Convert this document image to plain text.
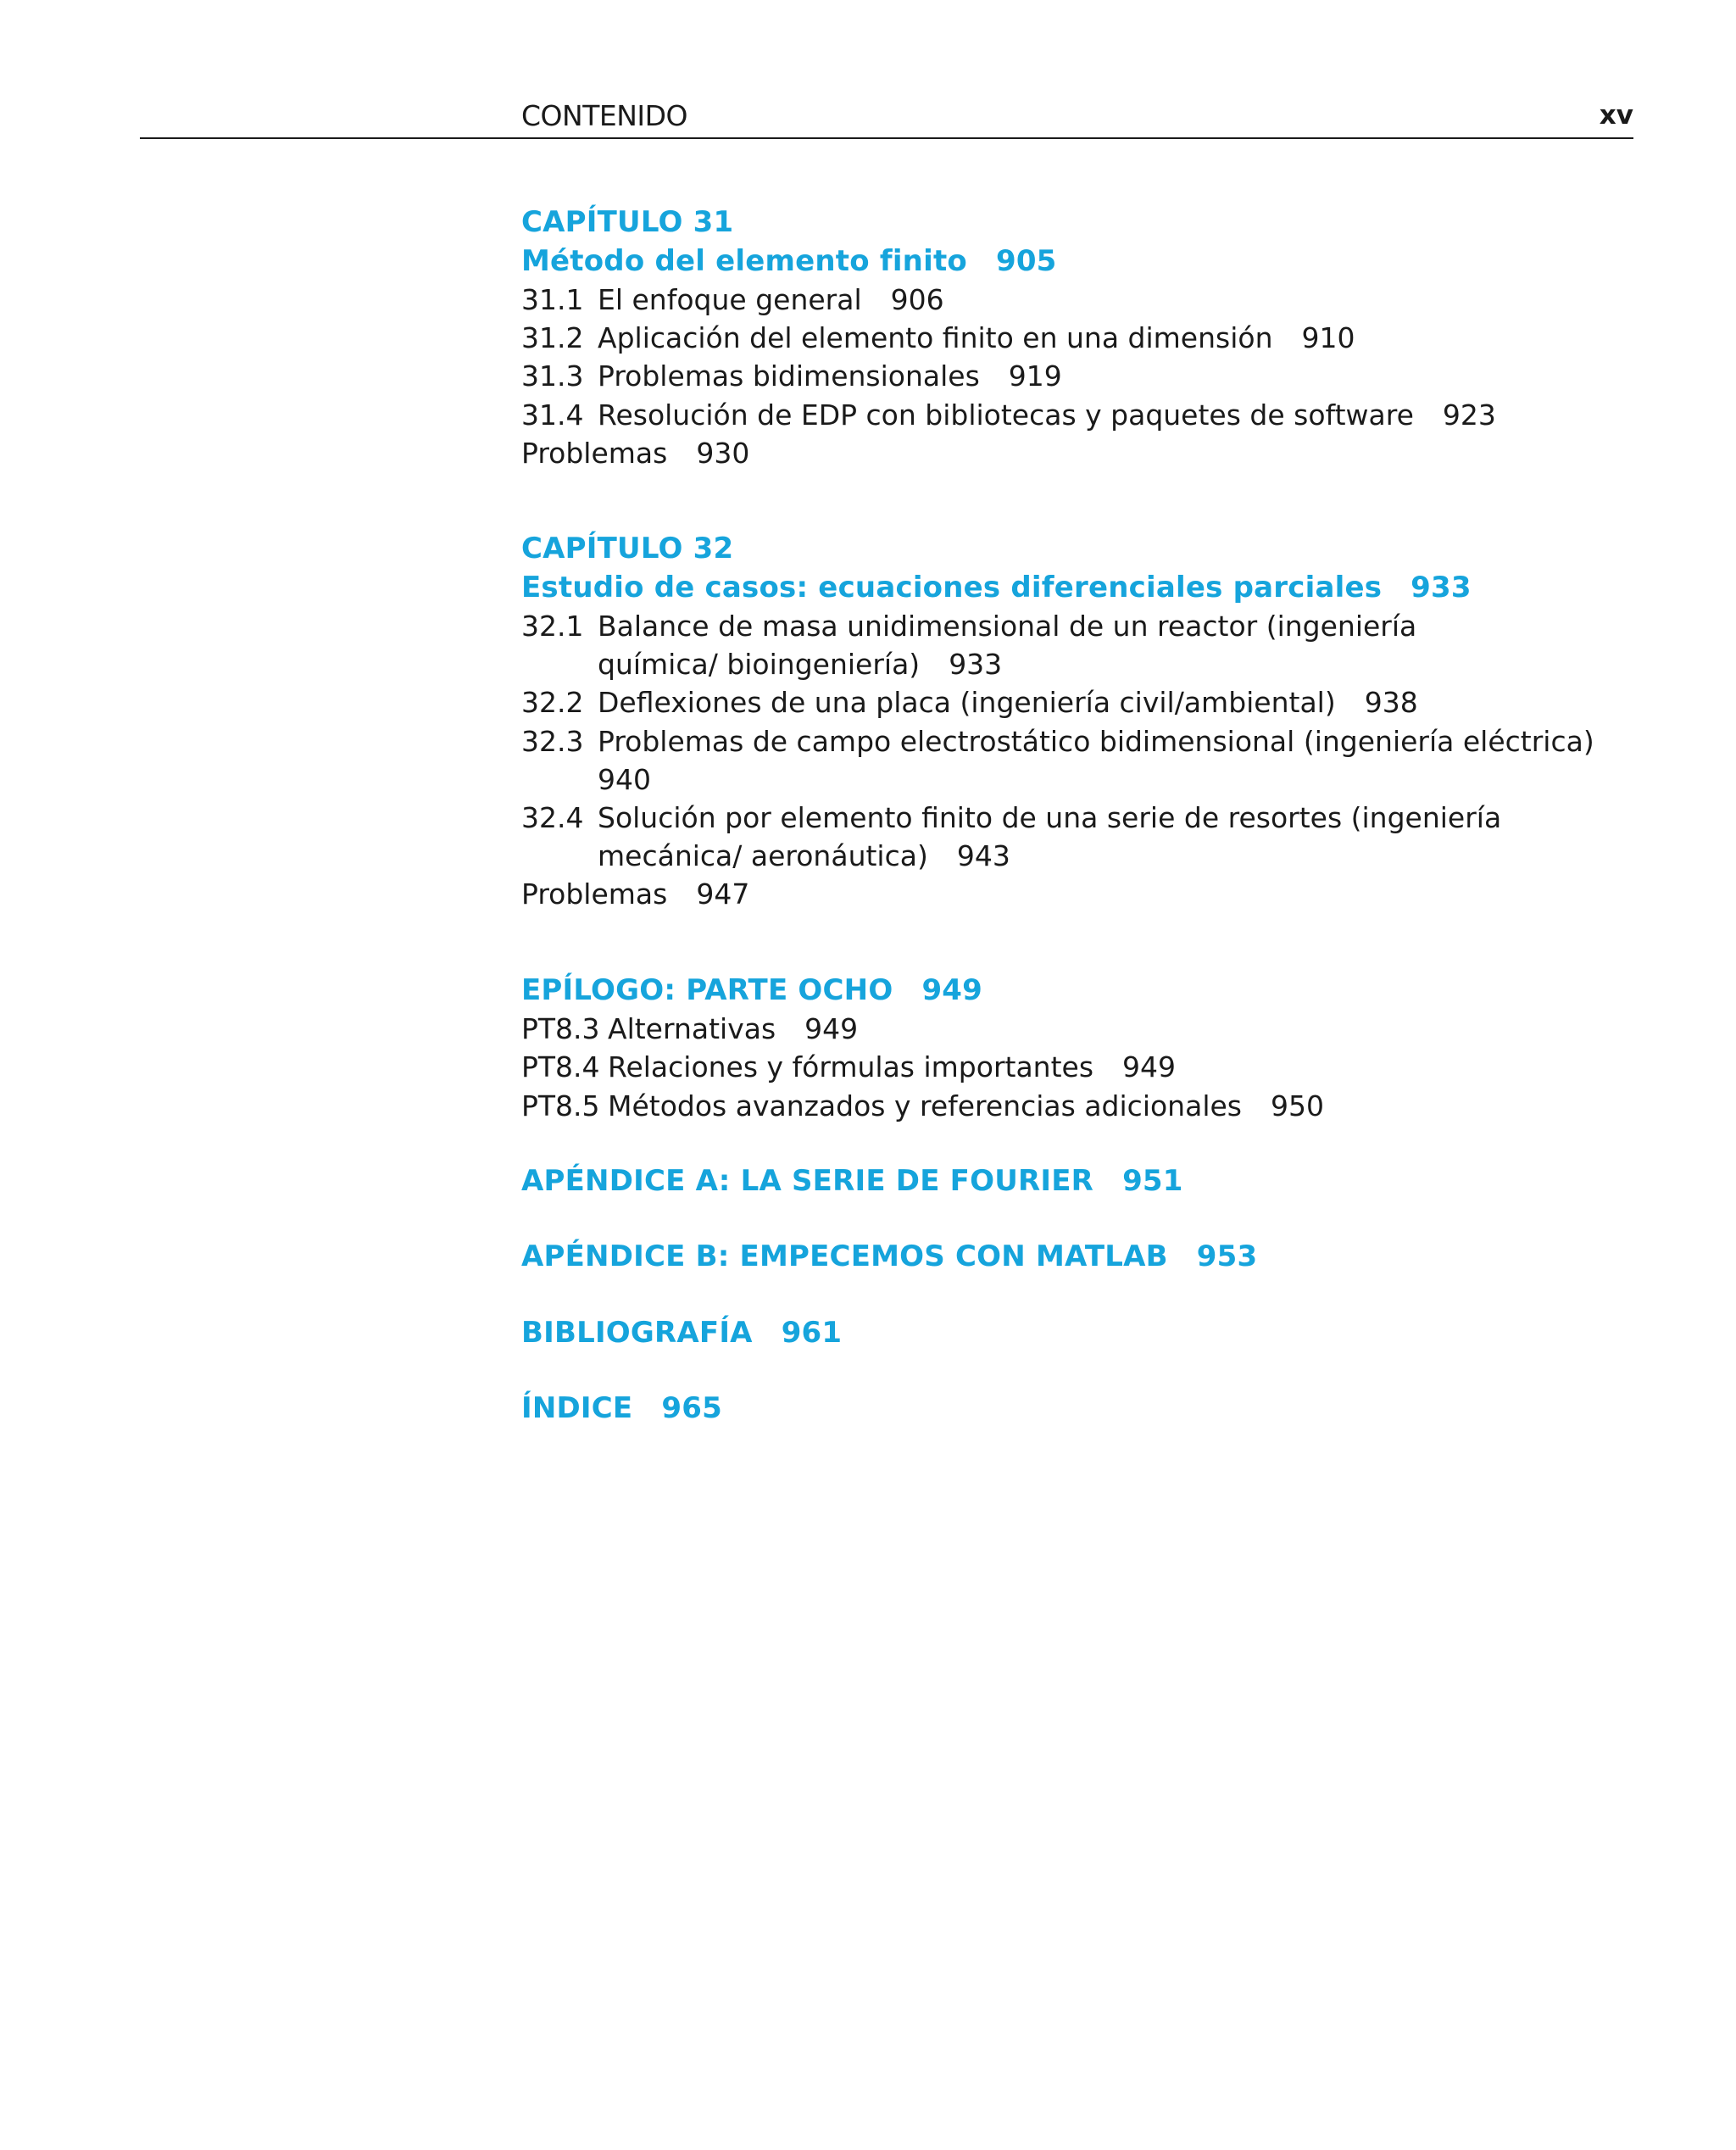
CONTENIDO	xv
CAPÍTULO 31
Método del elemento finito 905
31.1 El enfoque general 906
31.2 Aplicación del elemento finito en una dimensión 910
31.3 Problemas bidimensionales 919
31.4 Resolución de EDP con bibliotecas y paquetes de software 923
Problemas 930
CAPÍTULO 32
Estudio de casos: ecuaciones diferenciales parciales 933
32.1 Balance de masa unidimensional de un reactor (ingeniería química/ bioingeniería) 933
32.2 Deflexiones de una placa (ingeniería civil/ambiental) 938
32.3 Problemas de campo electrostático bidimensional (ingeniería eléctrica)940
32.4 Solución por elemento finito de una serie de resortes (ingeniería mecánica/ aeronáutica) 943
Problemas 947
EPÍLOGO: PARTE OCHO 949
PT8.3 Alternativas 949
PT8.4 Relaciones y fórmulas importantes 949
PT8.5 Métodos avanzados y referencias adicionales 950
APÉNDICE A: LA SERIE DE FOURIER 951
APÉNDICE B: EMPECEMOS CON MATLAB 953
BIBLIOGRAFÍA 961
ÍNDICE 965
